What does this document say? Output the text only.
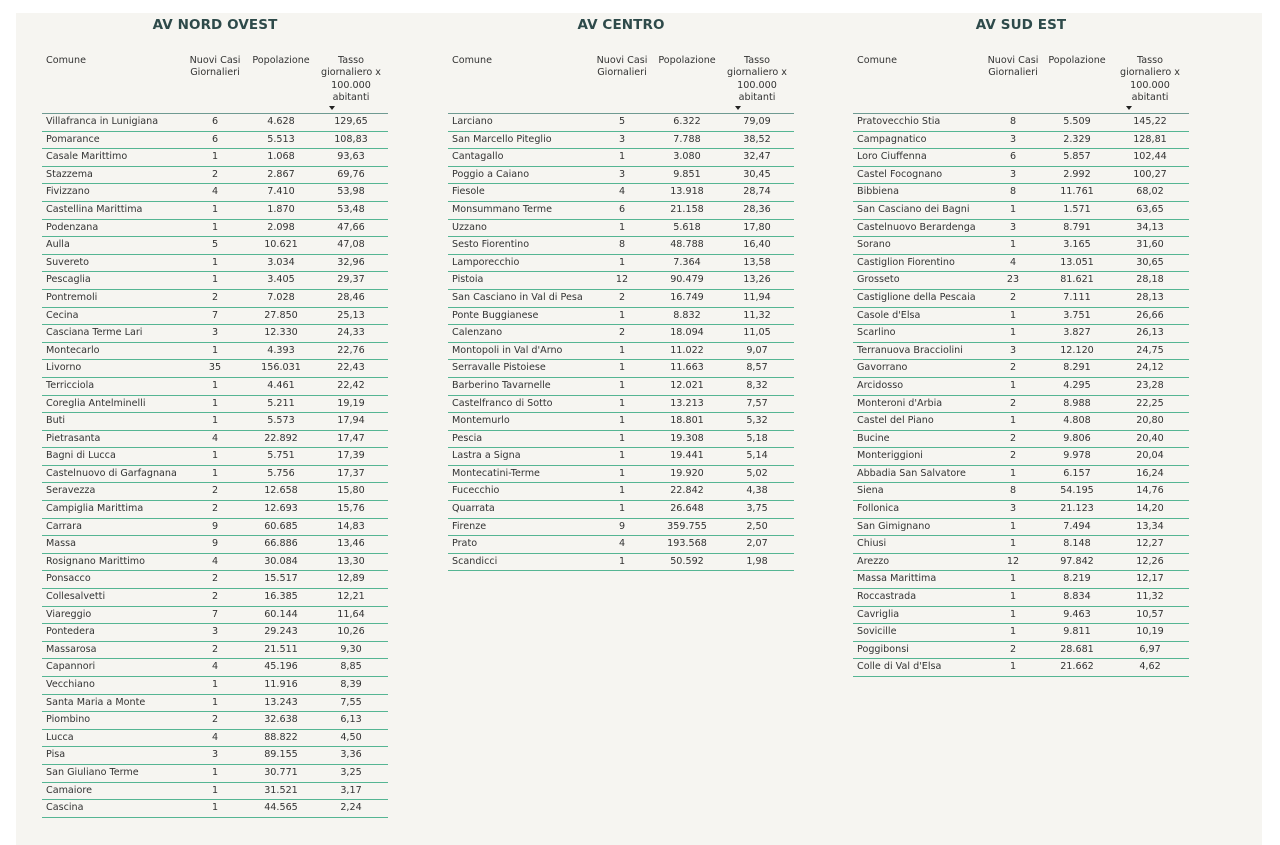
AV NORD OVEST
Comune	Nuovi Casi Giornalieri	Popolazione	Tasso giornaliero x 100.000 abitanti

Villafranca in Lunigiana	6	4.628	129,65
Pomarance	6	5.513	108,83
Casale Marittimo	1	1.068	93,63
Stazzema	2	2.867	69,76
Fivizzano	4	7.410	53,98
Castellina Marittima	1	1.870	53,48
Podenzana	1	2.098	47,66
Aulla	5	10.621	47,08
Suvereto	1	3.034	32,96
Pescaglia	1	3.405	29,37
Pontremoli	2	7.028	28,46
Cecina	7	27.850	25,13
Casciana Terme Lari	3	12.330	24,33
Montecarlo	1	4.393	22,76
Livorno	35	156.031	22,43
Terricciola	1	4.461	22,42
Coreglia Antelminelli	1	5.211	19,19
Buti	1	5.573	17,94
Pietrasanta	4	22.892	17,47
Bagni di Lucca	1	5.751	17,39
Castelnuovo di Garfagnana	1	5.756	17,37
Seravezza	2	12.658	15,80
Campiglia Marittima	2	12.693	15,76
Carrara	9	60.685	14,83
Massa	9	66.886	13,46
Rosignano Marittimo	4	30.084	13,30
Ponsacco	2	15.517	12,89
Collesalvetti	2	16.385	12,21
Viareggio	7	60.144	11,64
Pontedera	3	29.243	10,26
Massarosa	2	21.511	9,30
Capannori	4	45.196	8,85
Vecchiano	1	11.916	8,39
Santa Maria a Monte	1	13.243	7,55
Piombino	2	32.638	6,13
Lucca	4	88.822	4,50
Pisa	3	89.155	3,36
San Giuliano Terme	1	30.771	3,25
Camaiore	1	31.521	3,17
Cascina	1	44.565	2,24
AV CENTRO
Comune	Nuovi Casi Giornalieri	Popolazione	Tasso giornaliero x 100.000 abitanti

Larciano	5	6.322	79,09
San Marcello Piteglio	3	7.788	38,52
Cantagallo	1	3.080	32,47
Poggio a Caiano	3	9.851	30,45
Fiesole	4	13.918	28,74
Monsummano Terme	6	21.158	28,36
Uzzano	1	5.618	17,80
Sesto Fiorentino	8	48.788	16,40
Lamporecchio	1	7.364	13,58
Pistoia	12	90.479	13,26
San Casciano in Val di Pesa	2	16.749	11,94
Ponte Buggianese	1	8.832	11,32
Calenzano	2	18.094	11,05
Montopoli in Val d'Arno	1	11.022	9,07
Serravalle Pistoiese	1	11.663	8,57
Barberino Tavarnelle	1	12.021	8,32
Castelfranco di Sotto	1	13.213	7,57
Montemurlo	1	18.801	5,32
Pescia	1	19.308	5,18
Lastra a Signa	1	19.441	5,14
Montecatini-Terme	1	19.920	5,02
Fucecchio	1	22.842	4,38
Quarrata	1	26.648	3,75
Firenze	9	359.755	2,50
Prato	4	193.568	2,07
Scandicci	1	50.592	1,98
AV SUD EST
Comune	Nuovi Casi Giornalieri	Popolazione	Tasso giornaliero x 100.000 abitanti

Pratovecchio Stia	8	5.509	145,22
Campagnatico	3	2.329	128,81
Loro Ciuffenna	6	5.857	102,44
Castel Focognano	3	2.992	100,27
Bibbiena	8	11.761	68,02
San Casciano dei Bagni	1	1.571	63,65
Castelnuovo Berardenga	3	8.791	34,13
Sorano	1	3.165	31,60
Castiglion Fiorentino	4	13.051	30,65
Grosseto	23	81.621	28,18
Castiglione della Pescaia	2	7.111	28,13
Casole d'Elsa	1	3.751	26,66
Scarlino	1	3.827	26,13
Terranuova Bracciolini	3	12.120	24,75
Gavorrano	2	8.291	24,12
Arcidosso	1	4.295	23,28
Monteroni d'Arbia	2	8.988	22,25
Castel del Piano	1	4.808	20,80
Bucine	2	9.806	20,40
Monteriggioni	2	9.978	20,04
Abbadia San Salvatore	1	6.157	16,24
Siena	8	54.195	14,76
Follonica	3	21.123	14,20
San Gimignano	1	7.494	13,34
Chiusi	1	8.148	12,27
Arezzo	12	97.842	12,26
Massa Marittima	1	8.219	12,17
Roccastrada	1	8.834	11,32
Cavriglia	1	9.463	10,57
Sovicille	1	9.811	10,19
Poggibonsi	2	28.681	6,97
Colle di Val d'Elsa	1	21.662	4,62
